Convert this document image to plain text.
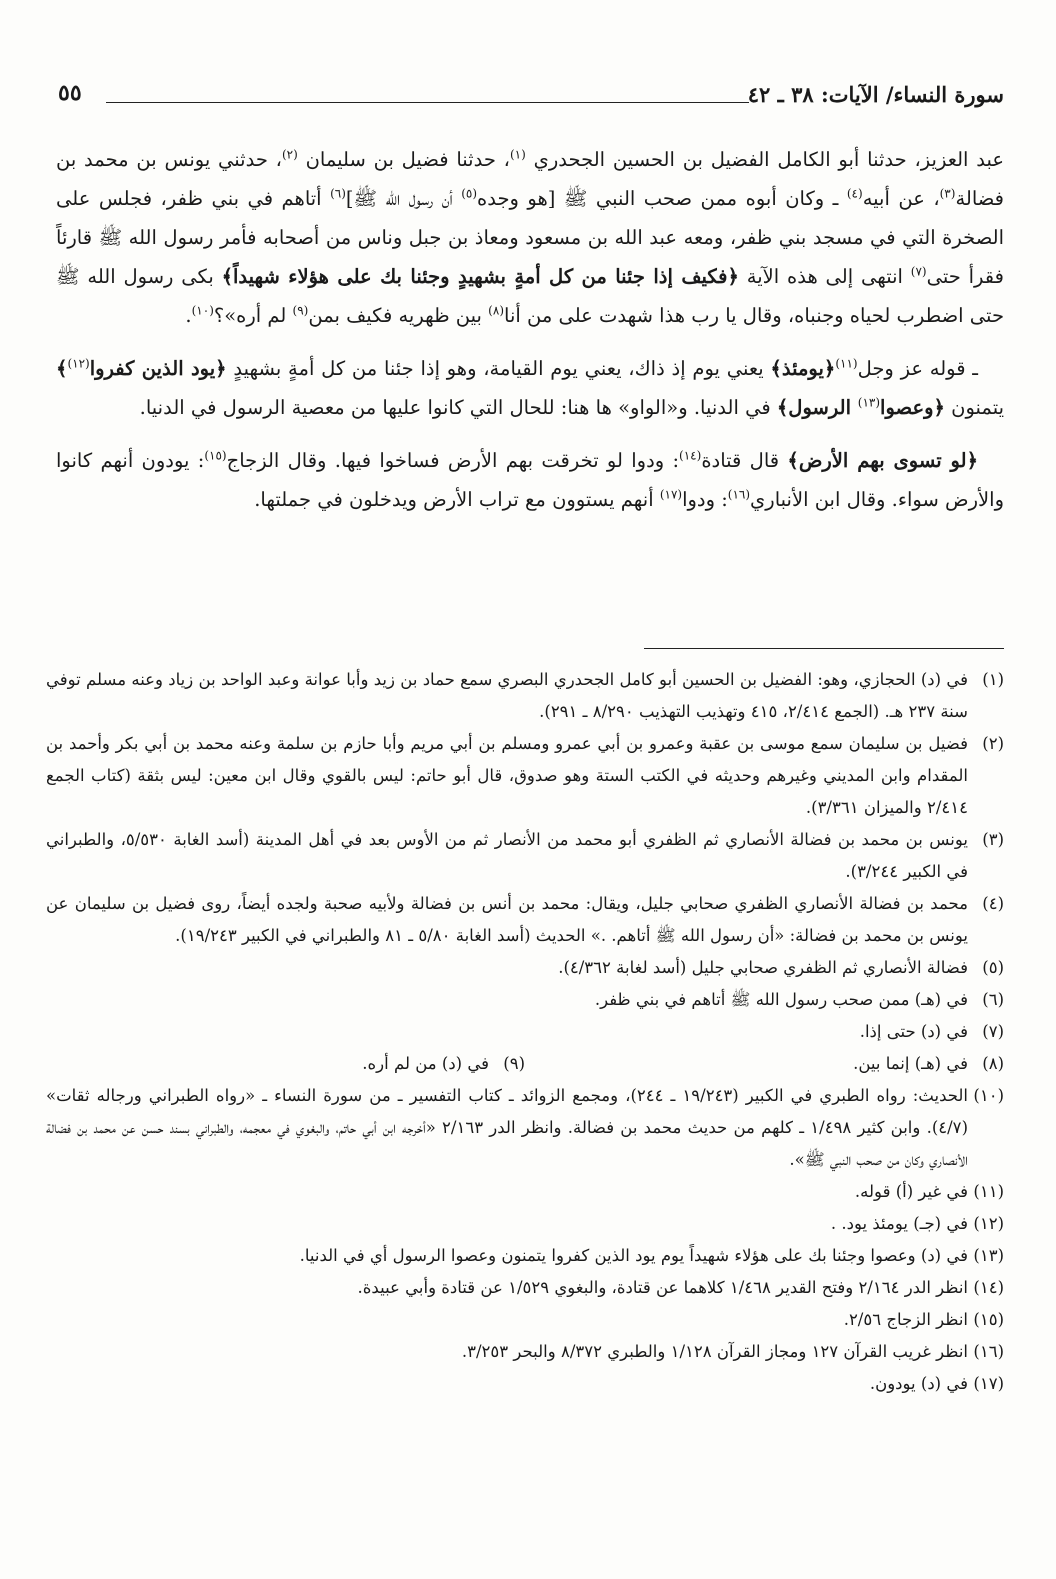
سورة النساء/ الآيات: ٣٨ ـ ٤٢
٥٥

عبد العزيز، حدثنا أبو الكامل الفضيل بن الحسين الجحدري $^{(١)}$، حدثنا فضيل بن سليمان $^{(٢)}$، حدثني يونس بن محمد بن فضالة$^{(٣)}$، عن أبيه$^{(٤)}$ ـ وكان أبوه ممن صحب النبي ﷺ [هو وجده$^{(٥)}$ أن رسول الله ﷺ]$^{(٦)}$ أتاهم في بني ظفر، فجلس على الصخرة التي في مسجد بني ظفر، ومعه عبد الله بن مسعود ومعاذ بن جبل وناس من أصحابه فأمر رسول الله ﷺ قارئاً فقرأ حتى$^{(٧)}$ انتهى إلى هذه الآية ﴿فكيف إذا جئنا من كل أمةٍ بشهيدٍ وجئنا بك على هؤلاء شهيداً﴾ بكى رسول الله ﷺ حتى اضطرب لحياه وجنباه، وقال يا رب هذا شهدت على من أنا$^{(٨)}$ بين ظهريه فكيف بمن$^{(٩)}$ لم أره»؟$^{(١٠)}$.

ـ قوله عز وجل$^{(١١)}$﴿يومئذ﴾ يعني يوم إذ ذاك، يعني يوم القيامة، وهو إذا جئنا من كل أمةٍ بشهيدٍ ﴿يود الذين كفروا$^{(١٢)}$﴾ يتمنون ﴿وعصوا$^{(١٣)}$ الرسول﴾ في الدنيا. و«الواو» ها هنا: للحال التي كانوا عليها من معصية الرسول في الدنيا.

﴿لو تسوى بهم الأرض﴾ قال قتادة$^{(١٤)}$: ودوا لو تخرقت بهم الأرض فساخوا فيها. وقال الزجاج$^{(١٥)}$: يودون أنهم كانوا والأرض سواء. وقال ابن الأنباري$^{(١٦)}$: ودوا$^{(١٧)}$ أنهم يستوون مع تراب الأرض ويدخلون في جملتها.

(١)
في (د) الحجازي، وهو: الفضيل بن الحسين أبو كامل الجحدري البصري سمع حماد بن زيد وأبا عوانة وعبد الواحد بن زياد وعنه مسلم توفي سنة ٢٣٧ هـ. (الجمع ٢/٤١٤، ٤١٥ وتهذيب التهذيب ٨/٢٩٠ ـ ٢٩١).
(٢)
فضيل بن سليمان سمع موسى بن عقبة وعمرو بن أبي عمرو ومسلم بن أبي مريم وأبا حازم بن سلمة وعنه محمد بن أبي بكر وأحمد بن المقدام وابن المديني وغيرهم وحديثه في الكتب الستة وهو صدوق، قال أبو حاتم: ليس بالقوي وقال ابن معين: ليس بثقة (كتاب الجمع ٢/٤١٤ والميزان ٣/٣٦١).
(٣)
يونس بن محمد بن فضالة الأنصاري ثم الظفري أبو محمد من الأنصار ثم من الأوس بعد في أهل المدينة (أسد الغابة ٥/٥٣٠، والطبراني في الكبير ٣/٢٤٤).
(٤)
محمد بن فضالة الأنصاري الظفري صحابي جليل، ويقال: محمد بن أنس بن فضالة ولأبيه صحبة ولجده أيضاً، روى فضيل بن سليمان عن يونس بن محمد بن فضالة: «أن رسول الله ﷺ أتاهم. .» الحديث (أسد الغابة ٥/٨٠ ـ ٨١ والطبراني في الكبير ١٩/٢٤٣).
(٥)
فضالة الأنصاري ثم الظفري صحابي جليل (أسد لغابة ٤/٣٦٢).
(٦)
في (هـ) ممن صحب رسول الله ﷺ أتاهم في بني ظفر.
(٧)
في (د) حتى إذا.
(٨)
في (هـ) إنما بين.
(٩)
في (د) من لم أره.
(١٠)
الحديث: رواه الطبري في الكبير (١٩/٢٤٣ ـ ٢٤٤)، ومجمع الزوائد ـ كتاب التفسير ـ من سورة النساء ـ «رواه الطبراني ورجاله ثقات» (٤/٧). وابن كثير ١/٤٩٨ ـ كلهم من حديث محمد بن فضالة. وانظر الدر ٢/١٦٣ «أخرجه ابن أبي حاتم، والبغوي في معجمه، والطبراني بسند حسن عن محمد بن فضالة الأنصاري وكان من صحب النبي ﷺ».
(١١)
في غير (أ) قوله.
(١٢)
في (جـ) يومئذ يود. .
(١٣)
في (د) وعصوا وجئنا بك على هؤلاء شهيداً يوم يود الذين كفروا يتمنون وعصوا الرسول أي في الدنيا.
(١٤)
انظر الدر ٢/١٦٤ وفتح القدير ١/٤٦٨ كلاهما عن قتادة، والبغوي ١/٥٢٩ عن قتادة وأبي عبيدة.
(١٥)
انظر الزجاج ٢/٥٦.
(١٦)
انظر غريب القرآن ١٢٧ ومجاز القرآن ١/١٢٨ والطبري ٨/٣٧٢ والبحر ٣/٢٥٣.
(١٧)
في (د) يودون.
